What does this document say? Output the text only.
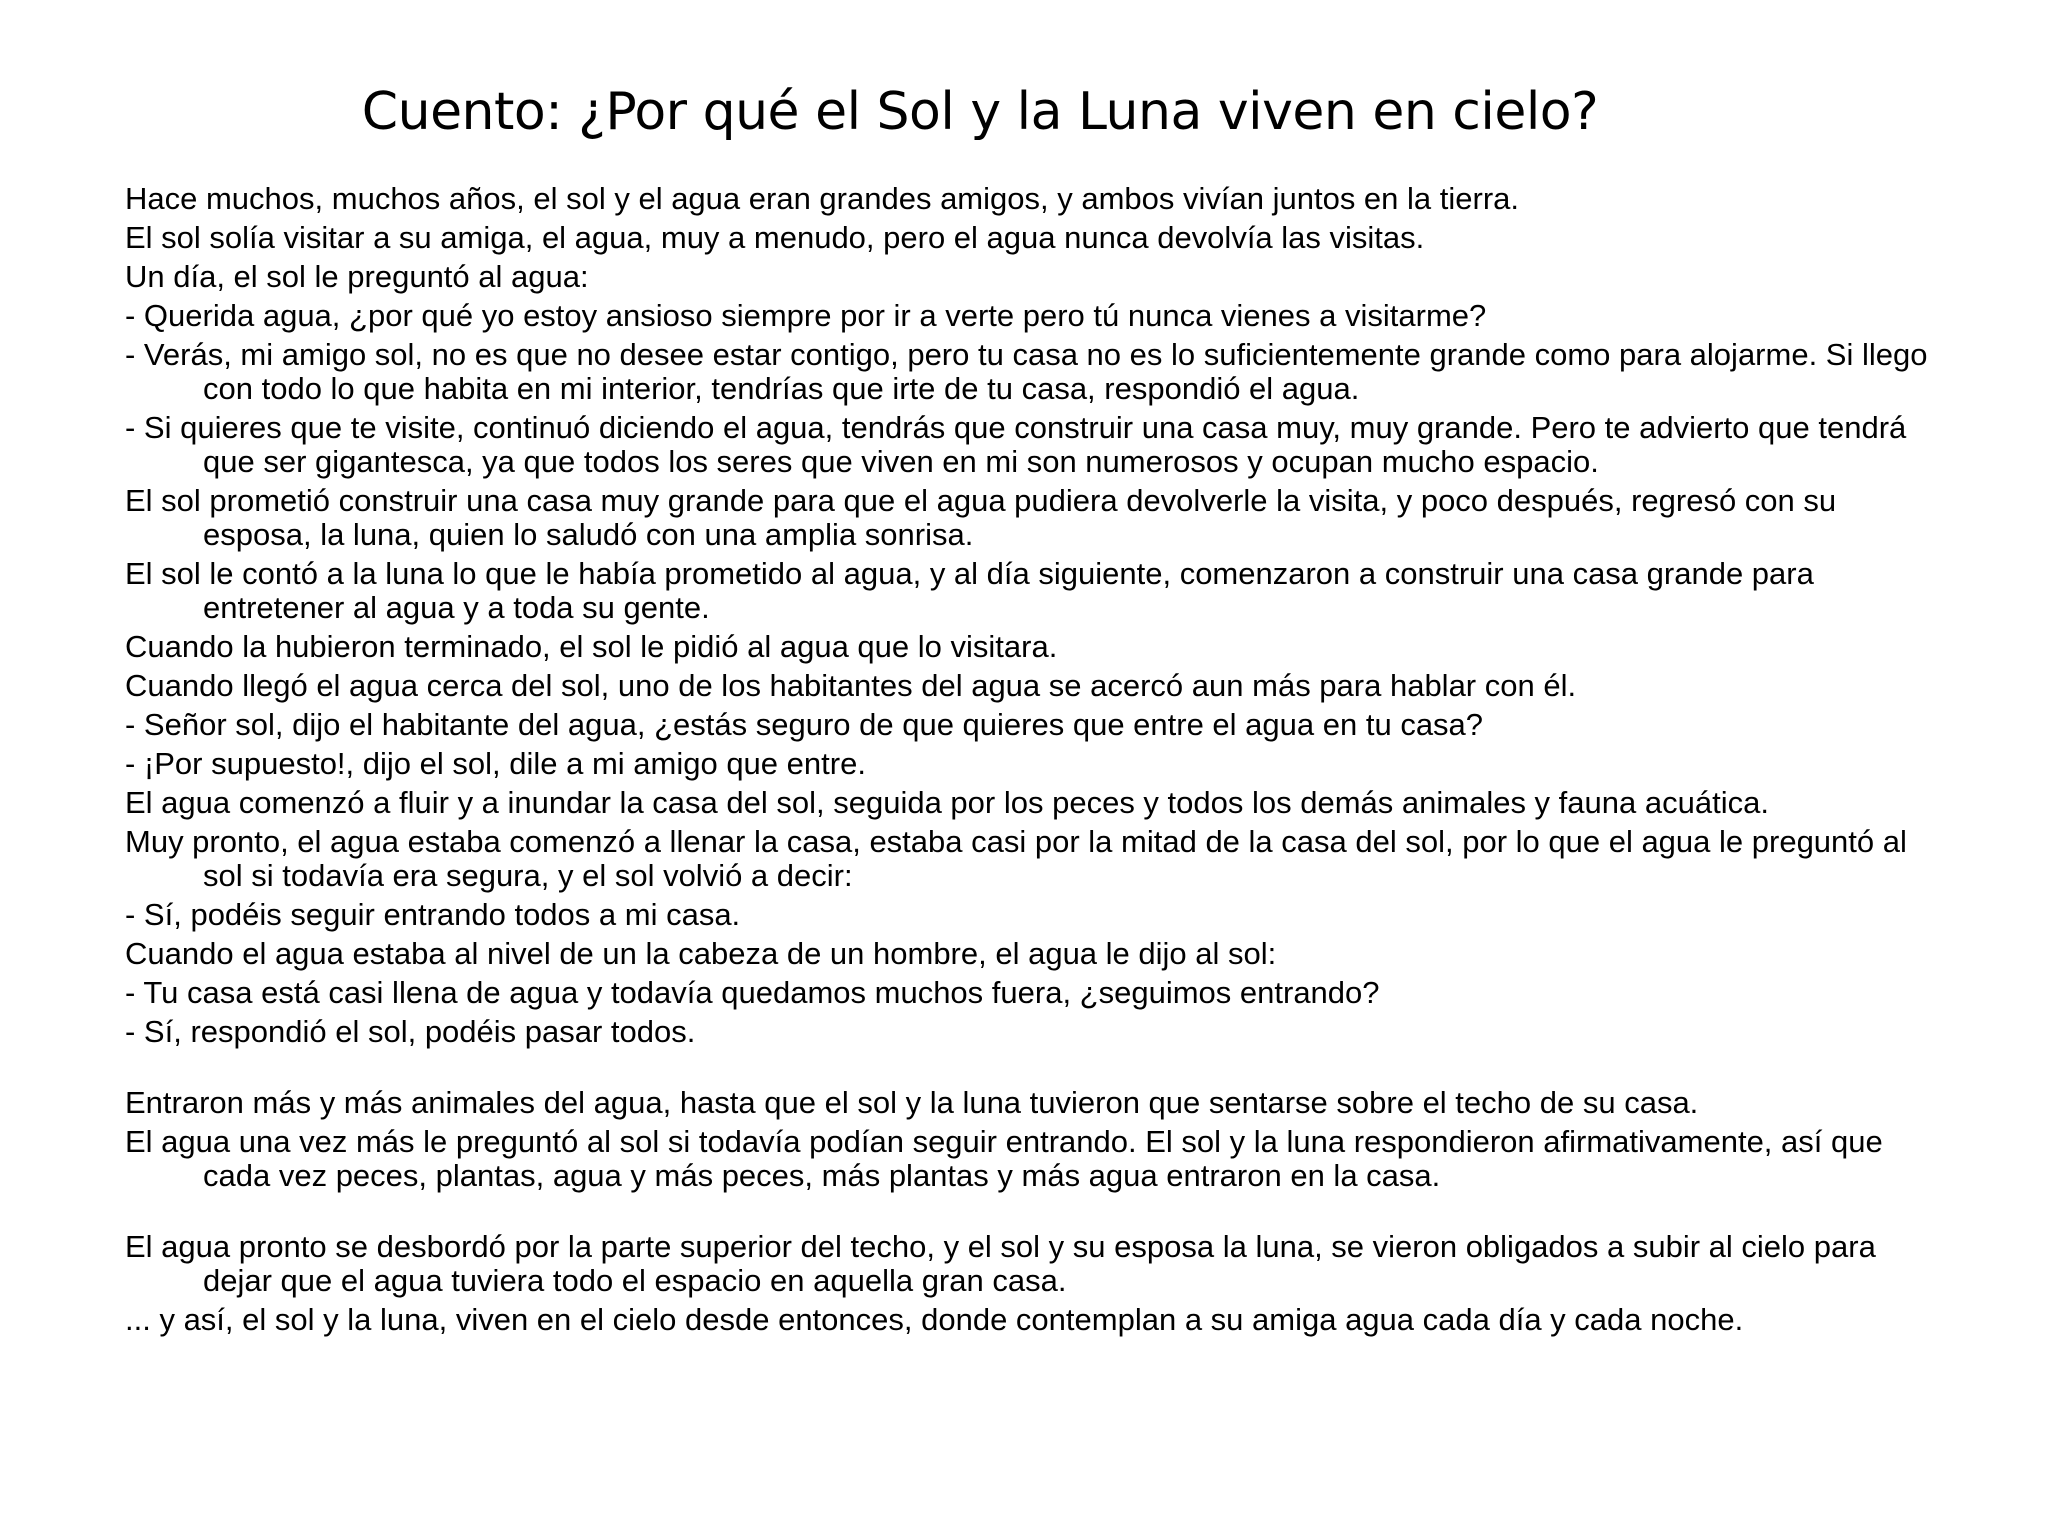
Cuento: ¿Por qué el Sol y la Luna viven en cielo?

Hace muchos, muchos años, el sol y el agua eran grandes amigos, y ambos vivían juntos en la tierra.

El sol solía visitar a su amiga, el agua, muy a menudo, pero el agua nunca devolvía las visitas.

Un día, el sol le preguntó al agua:

- Querida agua, ¿por qué yo estoy ansioso siempre por ir a verte pero tú nunca vienes a visitarme?

- Verás, mi amigo sol, no es que no desee estar contigo, pero tu casa no es lo suficientemente grande como para alojarme. Si llego con todo lo que habita en mi interior, tendrías que irte de tu casa, respondió el agua.

- Si quieres que te visite, continuó diciendo el agua, tendrás que construir una casa muy, muy grande. Pero te advierto que tendrá que ser gigantesca, ya que todos los seres que viven en mi son numerosos y ocupan mucho espacio.

El sol prometió construir una casa muy grande para que el agua pudiera devolverle la visita, y poco después, regresó con su esposa, la luna, quien lo saludó con una amplia sonrisa.

El sol le contó a la luna lo que le había prometido al agua, y al día siguiente, comenzaron a construir una casa grande para entretener al agua y a toda su gente.

Cuando la hubieron terminado, el sol le pidió al agua que lo visitara.

Cuando llegó el agua cerca del sol, uno de los habitantes del agua se acercó aun más para hablar con él.

- Señor sol, dijo el habitante del agua, ¿estás seguro de que quieres que entre el agua en tu casa?

- ¡Por supuesto!, dijo el sol, dile a mi amigo que entre.

El agua comenzó a fluir y a inundar la casa del sol, seguida por los peces y todos los demás animales y fauna acuática.

Muy pronto, el agua estaba comenzó a llenar la casa, estaba casi por la mitad de la casa del sol, por lo que el agua le preguntó al sol si todavía era segura, y el sol volvió a decir:

- Sí, podéis seguir entrando todos a mi casa.

Cuando el agua estaba al nivel de un la cabeza de un hombre, el agua le dijo al sol:

- Tu casa está casi llena de agua y todavía quedamos muchos fuera, ¿seguimos entrando?

- Sí, respondió el sol, podéis pasar todos.

Entraron más y más animales del agua, hasta que el sol y la luna tuvieron que sentarse sobre el techo de su casa.

El agua una vez más le preguntó al sol si todavía podían seguir entrando. El sol y la luna respondieron afirmativamente, así que cada vez peces, plantas, agua y más peces, más plantas y más agua entraron en la casa.

El agua pronto se desbordó por la parte superior del techo, y el sol y su esposa la luna, se vieron obligados a subir al cielo para dejar que el agua tuviera todo el espacio en aquella gran casa.

... y así, el sol y la luna, viven en el cielo desde entonces, donde contemplan a su amiga agua cada día y cada noche.
